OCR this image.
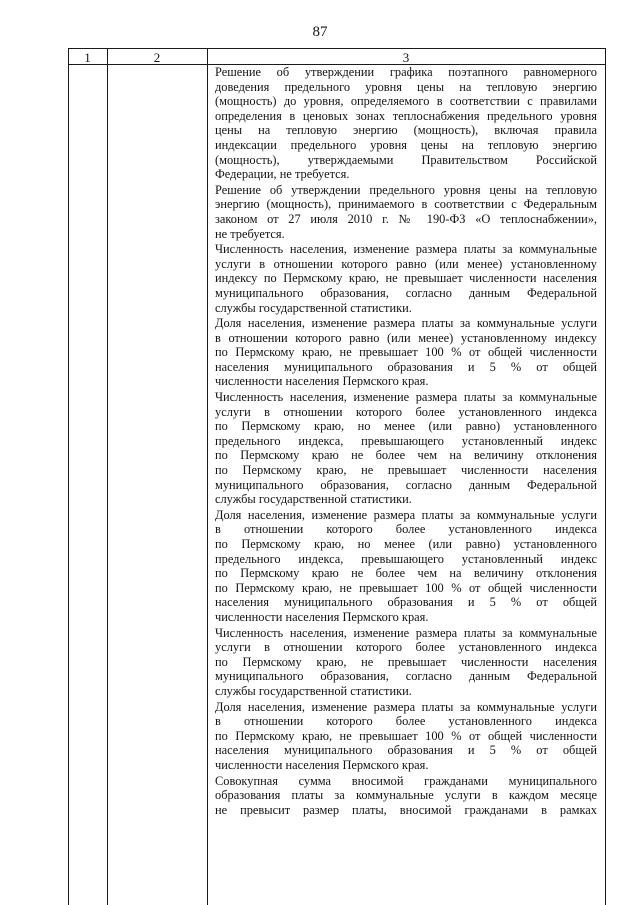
87
1	2	3
Решение об утверждении графика поэтапного равномерного
доведения предельного уровня цены на тепловую энергию
(мощность) до уровня, определяемого в соответствии с правилами
определения в ценовых зонах теплоснабжения предельного уровня
цены на тепловую энергию (мощность), включая правила
индексации предельного уровня цены на тепловую энергию
(мощность), утверждаемыми Правительством Российской
Федерации, не требуется.
Решение об утверждении предельного уровня цены на тепловую
энергию (мощность), принимаемого в соответствии с Федеральным
законом от 27 июля 2010 г. № 190-ФЗ «О теплоснабжении»,
не требуется.
Численность населения, изменение размера платы за коммунальные
услуги в отношении которого равно (или менее) установленному
индексу по Пермскому краю, не превышает численности населения
муниципального образования, согласно данным Федеральной
службы государственной статистики.
Доля населения, изменение размера платы за коммунальные услуги
в отношении которого равно (или менее) установленному индексу
по Пермскому краю, не превышает 100 % от общей численности
населения муниципального образования и 5 % от общей
численности населения Пермского края.
Численность населения, изменение размера платы за коммунальные
услуги в отношении которого более установленного индекса
по Пермскому краю, но менее (или равно) установленного
предельного индекса, превышающего установленный индекс
по Пермскому краю не более чем на величину отклонения
по Пермскому краю, не превышает численности населения
муниципального образования, согласно данным Федеральной
службы государственной статистики.
Доля населения, изменение размера платы за коммунальные услуги
в отношении которого более установленного индекса
по Пермскому краю, но менее (или равно) установленного
предельного индекса, превышающего установленный индекс
по Пермскому краю не более чем на величину отклонения
по Пермскому краю, не превышает 100 % от общей численности
населения муниципального образования и 5 % от общей
численности населения Пермского края.
Численность населения, изменение размера платы за коммунальные
услуги в отношении которого более установленного индекса
по Пермскому краю, не превышает численности населения
муниципального образования, согласно данным Федеральной
службы государственной статистики.
Доля населения, изменение размера платы за коммунальные услуги
в отношении которого более установленного индекса
по Пермскому краю, не превышает 100 % от общей численности
населения муниципального образования и 5 % от общей
численности населения Пермского края.
Совокупная сумма вносимой гражданами муниципального
образования платы за коммунальные услуги в каждом месяце
не превысит размер платы, вносимой гражданами в рамках
